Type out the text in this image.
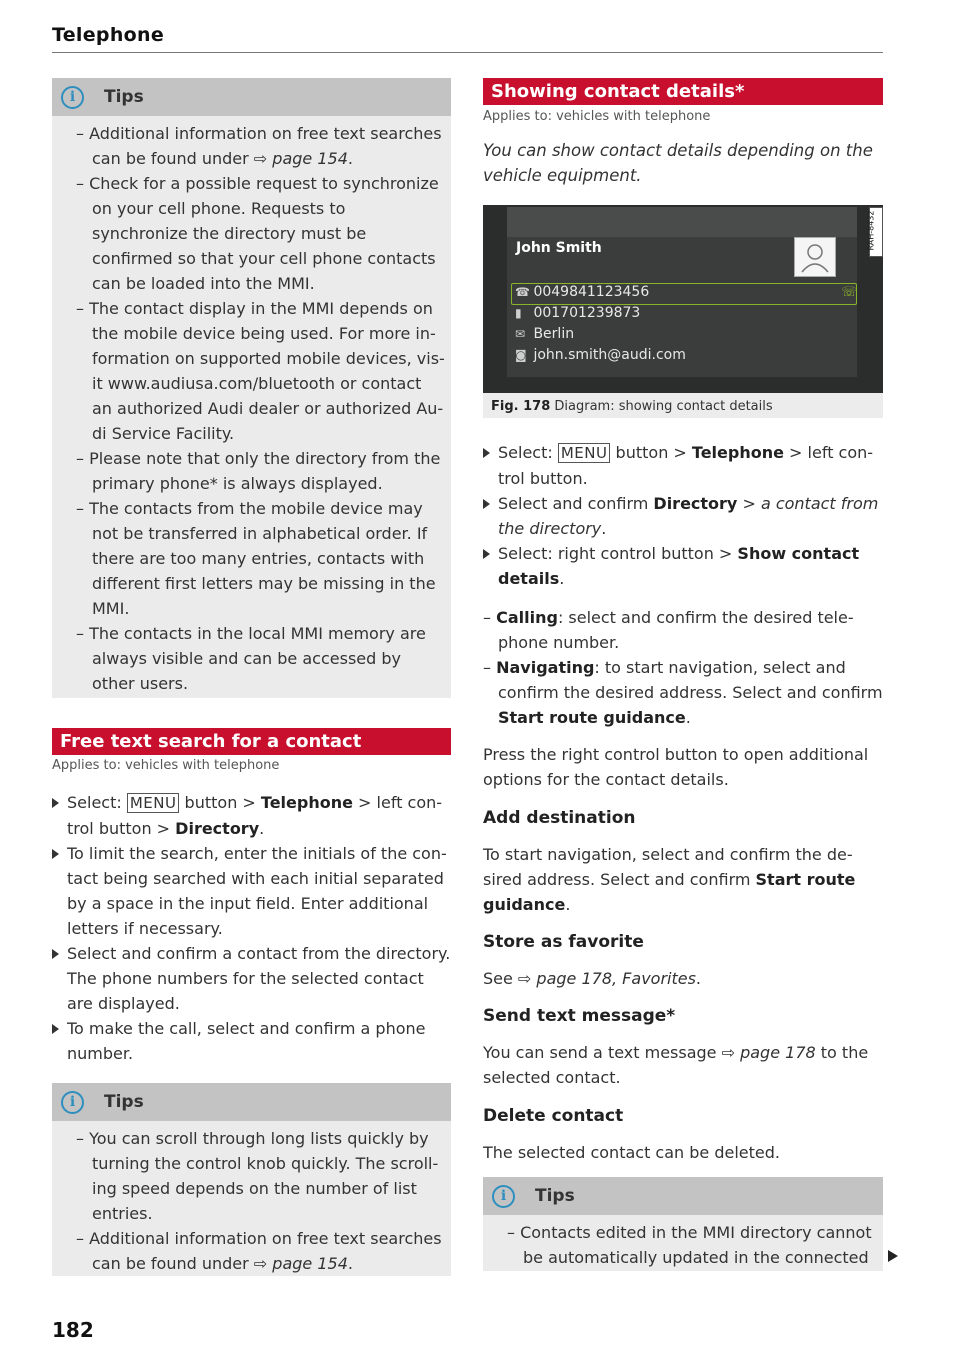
Telephone
i	Tips
– Additional information on free text searches
can be found under ⇨ page 154.
– Check for a possible request to synchronize on your cell phone. Requests to synchronize the directory must be confirmed so that your cell phone contacts can be loaded into the MMI.
– The contact display in the MMI depends on the mobile device being used. For more information on supported mobile devices, visit www.audiusa.com/bluetooth or contact an authorized Audi dealer or authorized Audi Service Facility.
– Please note that only the directory from the primary phone* is always displayed.
– The contacts from the mobile device may not be transferred in alphabetical order. If there are too many entries, contacts with different first letters may be missing in the MMI.
– The contacts in the local MMI memory are always visible and can be accessed by other users.
Free text search for a contact
Applies to: vehicles with telephone
Select: MENU button > Telephone > left control button > Directory.
To limit the search, enter the initials of the contact being searched with each initial separated by a space in the input field. Enter additional letters if necessary.
Select and confirm a contact from the directory. The phone numbers for the selected contact are displayed.
To make the call, select and confirm a phone number.
i	Tips
– You can scroll through long lists quickly by turning the control knob quickly. The scrolling speed depends on the number of list entries.
– Additional information on free text searches can be found under ⇨ page 154.
182
Showing contact details*
Applies to: vehicles with telephone
You can show contact details depending on the vehicle equipment.
John Smith
☎ 0049841123456
▮ 001701239873
✉ Berlin
◙ john.smith@audi.com
☏
RAH-8432
Fig. 178 Diagram: showing contact details
Select: MENU button > Telephone > left control button.
Select and confirm Directory > a contact from the directory.
Select: right control button > Show contact details.
– Calling: select and confirm the desired telephone number.
– Navigating: to start navigation, select and confirm the desired address. Select and confirm Start route guidance.
Press the right control button to open additional options for the contact details.
Add destination
To start navigation, select and confirm the desired address. Select and confirm Start route guidance.
Store as favorite
See ⇨ page 178, Favorites.
Send text message*
You can send a text message ⇨ page 178 to the selected contact.
Delete contact
The selected contact can be deleted.
i	Tips
– Contacts edited in the MMI directory cannot be automatically updated in the connected
